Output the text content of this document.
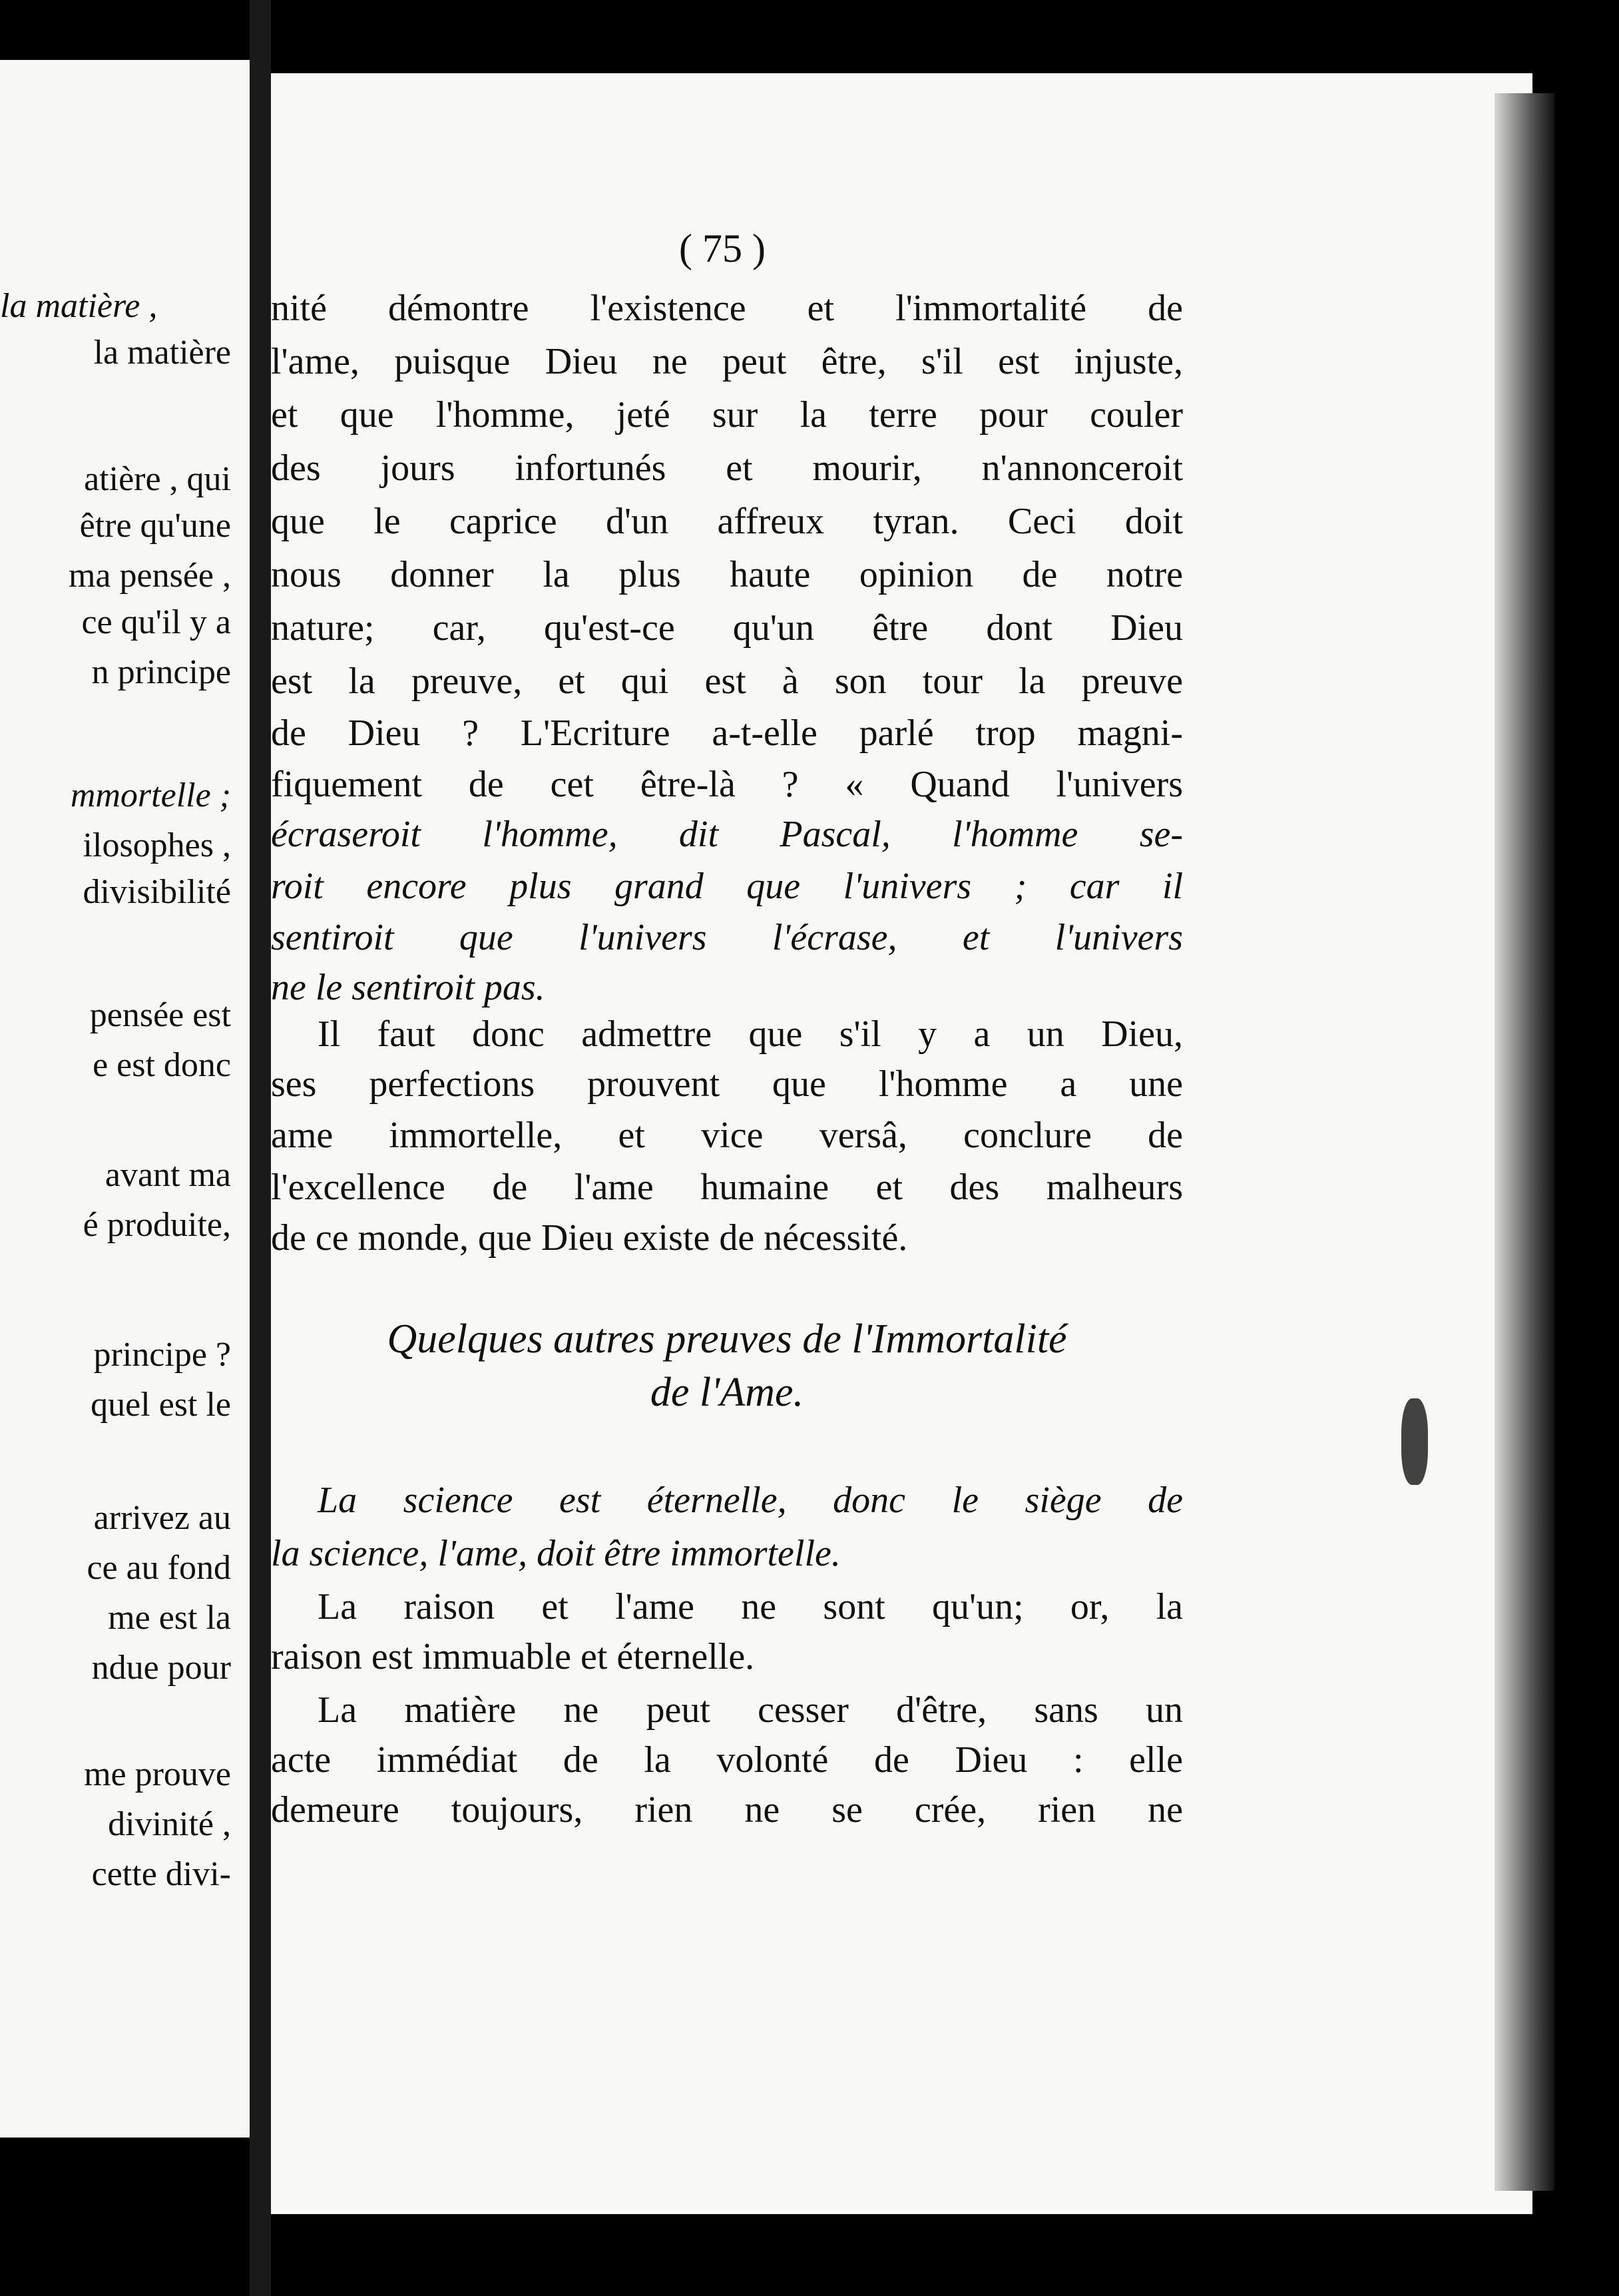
la matière ,
la matière
atière , qui
être qu'une
ma pensée ,
ce qu'il y a
n principe
mmortelle ;
ilosophes ,
divisibilité
pensée est
e est donc
avant ma
é produite,
principe ?
quel est le
arrivez au
ce au fond
me est la
ndue pour
me prouve
divinité ,
cette divi-
( 75 )
nité démontre l'existence et l'immortalité de
l'ame, puisque Dieu ne peut être, s'il est injuste,
et que l'homme, jeté sur la terre pour couler
des jours infortunés et mourir, n'annonceroit
que le caprice d'un affreux tyran. Ceci doit
nous donner la plus haute opinion de notre
nature; car, qu'est-ce qu'un être dont Dieu
est la preuve, et qui est à son tour la preuve
de Dieu ? L'Ecriture a-t-elle parlé trop magni-
fiquement de cet être-là ? « Quand l'univers
écraseroit l'homme, dit Pascal, l'homme se-
roit encore plus grand que l'univers ; car il
sentiroit que l'univers l'écrase, et l'univers
ne le sentiroit pas.
Il faut donc admettre que s'il y a un Dieu,
ses perfections prouvent que l'homme a une
ame immortelle, et vice versâ, conclure de
l'excellence de l'ame humaine et des malheurs
de ce monde, que Dieu existe de nécessité.
Quelques autres preuves de l'Immortalité
de l'Ame.
La science est éternelle, donc le siège de
la science, l'ame, doit être immortelle.
La raison et l'ame ne sont qu'un; or, la
raison est immuable et éternelle.
La matière ne peut cesser d'être, sans un
acte immédiat de la volonté de Dieu : elle
demeure toujours, rien ne se crée, rien ne
